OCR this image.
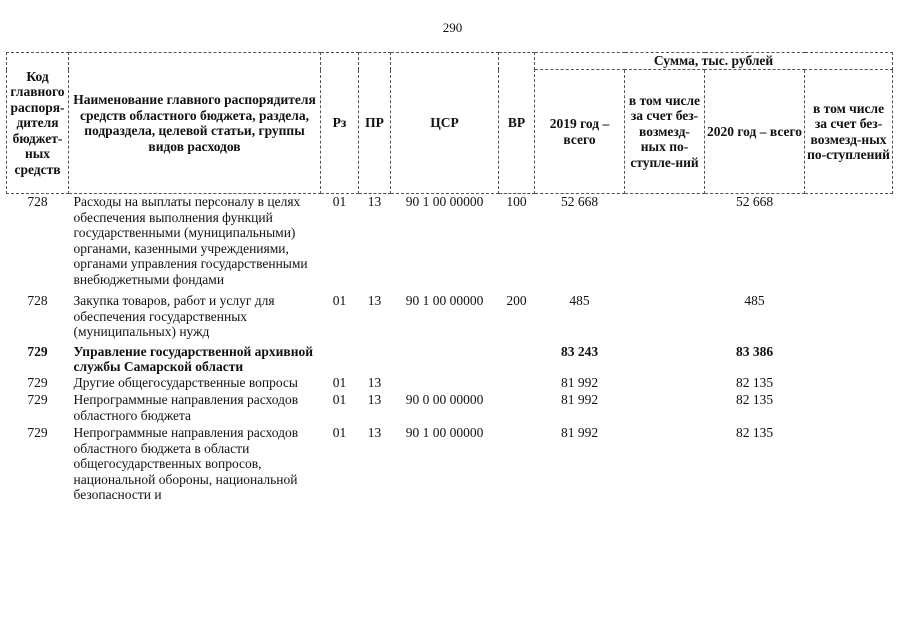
290
Код главного распоря-дителя бюджет-ных средств	Наименование главного распорядителя средств областного бюджета, раздела, подраздела, целевой статьи, группы видов расходов	Рз	ПР	ЦСР	ВР	Сумма, тыс. рублей			
						2019 год – всего	в том числе за счет без-возмезд-ных по-ступле-ний	2020 год – всего	в том числе за счет без-возмезд-ных по-ступлений
728	Расходы на выплаты персоналу в целях обеспечения выполнения функций государственными (муниципальными) органами, казенными учреждениями, органами управления государственными внебюджетными фондами	01	13	90 1 00 00000	100	52 668		52 668	
728	Закупка товаров, работ и услуг для обеспечения государственных (муниципальных) нужд	01	13	90 1 00 00000	200	485		485	
729	Управление государственной архивной службы Самарской области					83 243		83 386	
729	Другие общегосударственные вопросы	01	13			81 992		82 135	
729	Непрограммные направления расходов областного бюджета	01	13	90 0 00 00000		81 992		82 135	
729	Непрограммные направления расходов областного бюджета в области общегосударственных вопросов, национальной обороны, национальной безопасности и	01	13	90 1 00 00000		81 992		82 135	
